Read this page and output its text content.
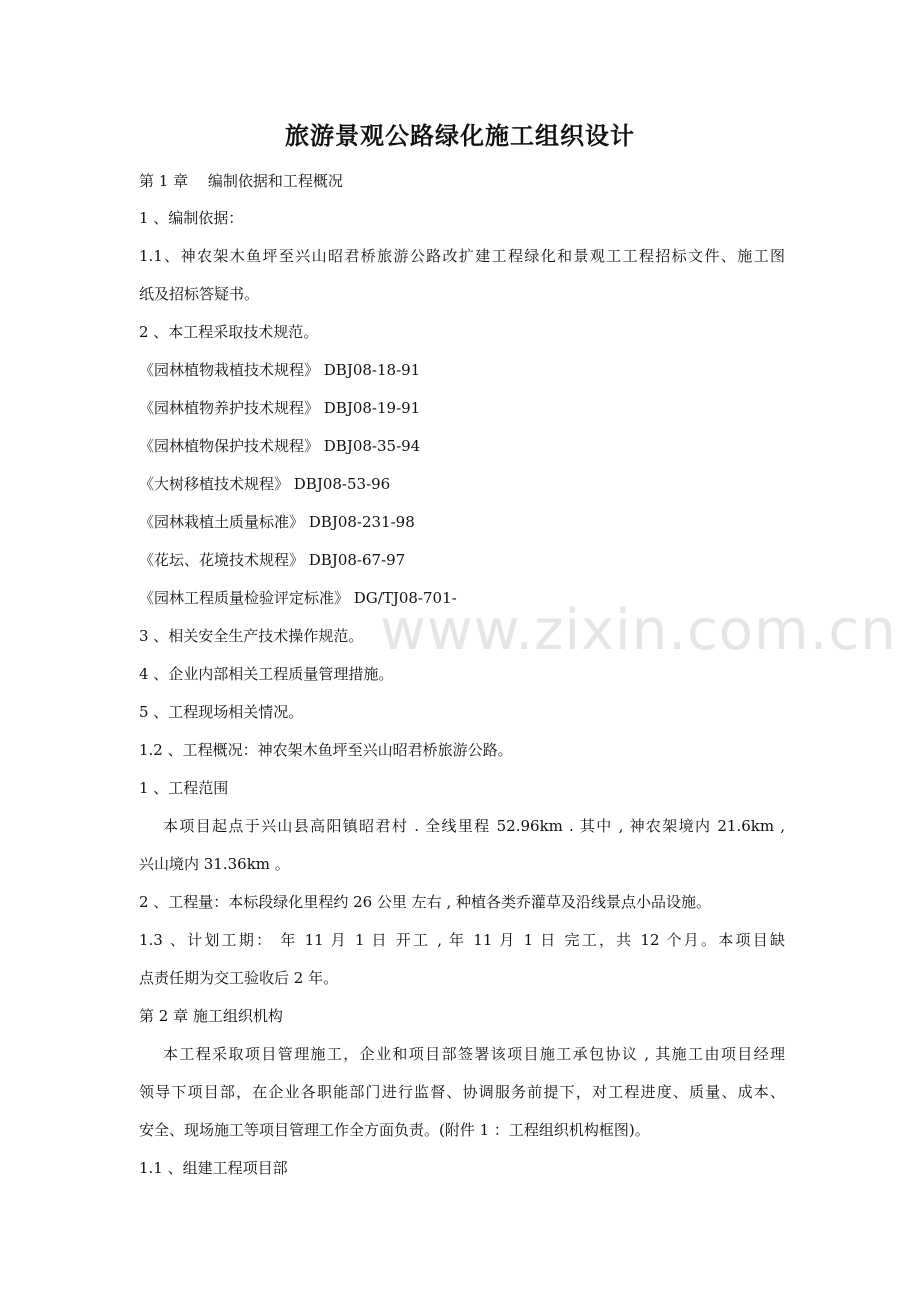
www.zixin.com.cn
旅游景观公路绿化施工组织设计
第 1 章 　编制依据和工程概况
1 、编制依据：
1.1、神农架木鱼坪至兴山昭君桥旅游公路改扩建工程绿化和景观工工程招标文件、施工图
纸及招标答疑书。
2 、本工程采取技术规范。
《园林植物栽植技术规程》 DBJ08-18-91
《园林植物养护技术规程》 DBJ08-19-91
《园林植物保护技术规程》 DBJ08-35-94
《大树移植技术规程》 DBJ08-53-96
《园林栽植土质量标准》 DBJ08-231-98
《花坛、花境技术规程》 DBJ08-67-97
《园林工程质量检验评定标准》 DG/TJ08-701-
3 、相关安全生产技术操作规范。
4 、企业内部相关工程质量管理措施。
5 、工程现场相关情况。
1.2 、工程概况：神农架木鱼坪至兴山昭君桥旅游公路。
1 、工程范围
本项目起点于兴山县高阳镇昭君村 . 全线里程 52.96km . 其中 , 神农架境内 21.6km ,
兴山境内 31.36km 。
2 、工程量：本标段绿化里程约 26 公里 左右 , 种植各类乔灌草及沿线景点小品设施。
1.3 、计划工期： 年 11 月 1 日 开工 , 年 11 月 1 日 完工，共 12 个月。本项目缺
点责任期为交工验收后 2 年。
第 2 章 施工组织机构
本工程采取项目管理施工，企业和项目部签署该项目施工承包协议 , 其施工由项目经理
领导下项目部，在企业各职能部门进行监督、协调服务前提下，对工程进度、质量、成本、
安全、现场施工等项目管理工作全方面负责。(附件 1 ：工程组织机构框图)。
1.1 、组建工程项目部
